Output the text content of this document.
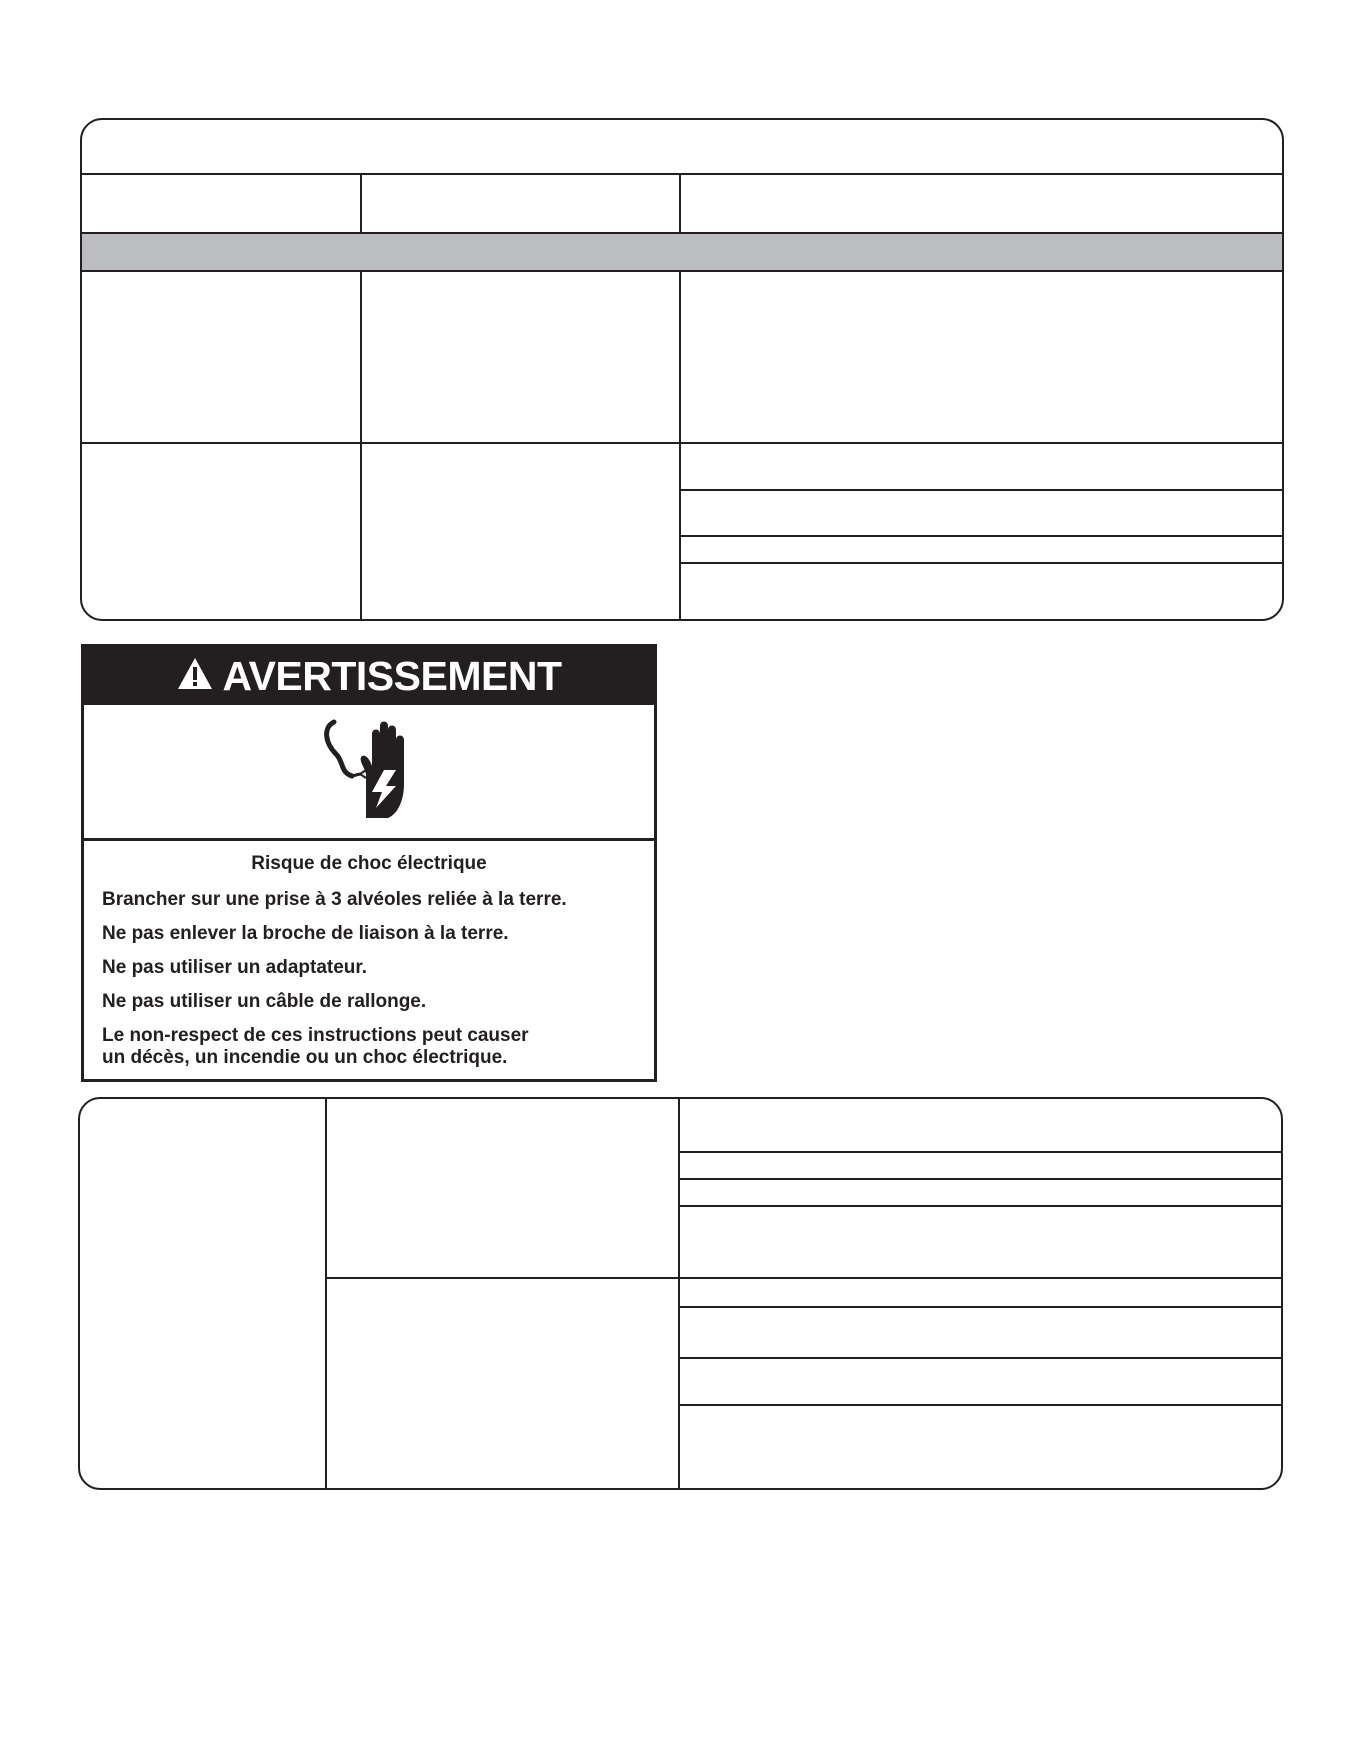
AVERTISSEMENT
Risque de choc électrique

Brancher sur une prise à 3 alvéoles reliée à la terre.

Ne pas enlever la broche de liaison à la terre.

Ne pas utiliser un adaptateur.

Ne pas utiliser un câble de rallonge.

Le non-respect de ces instructions peut causer
un décès, un incendie ou un choc électrique.
